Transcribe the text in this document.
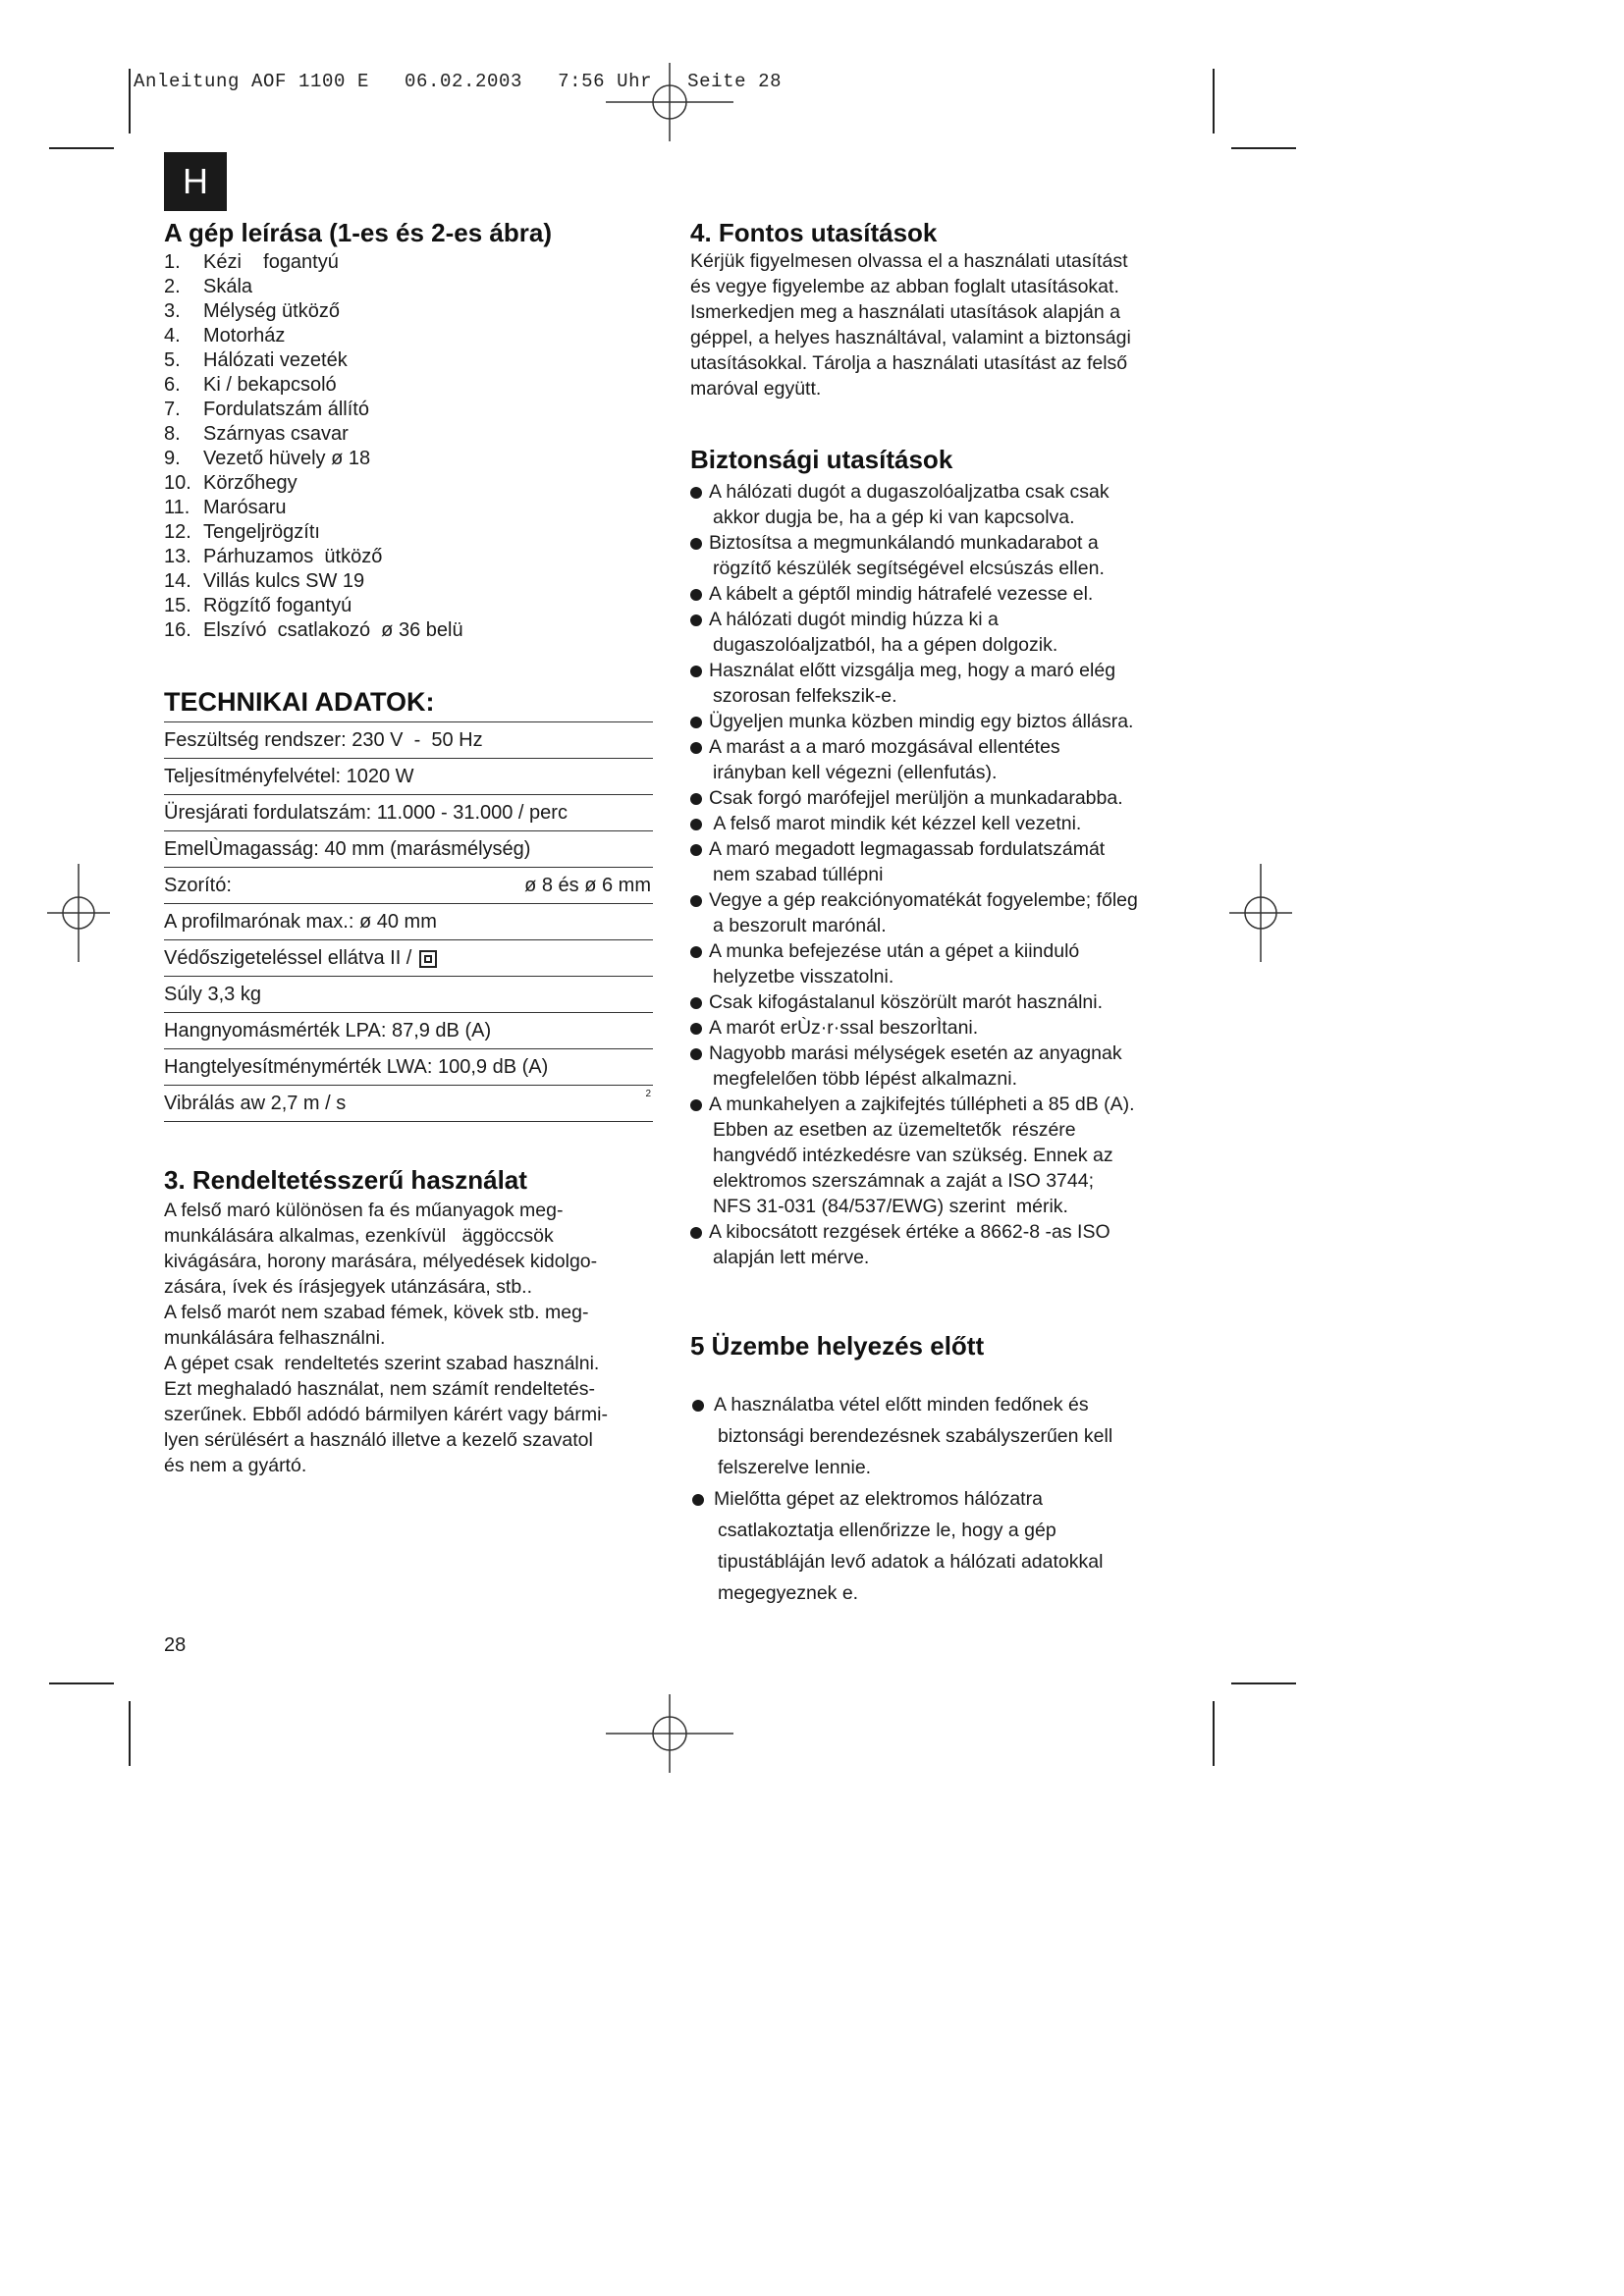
Anleitung AOF 1100 E   06.02.2003   7:56 Uhr   Seite 28
H
A gép leírása (1-es és 2-es ábra)
1.	Kézi    fogantyú
2.	Skála
3.	Mélység ütköző
4.	Motorház
5.	Hálózati vezeték
6.	Ki / bekapcsoló
7.	Fordulatszám állító
8.	Szárnyas csavar
9.	Vezető hüvely ø 18
10. Körzőhegy
11. Marósaru
12. Tengeljrögzítı
13. Párhuzamos  ütköző
14. Villás kulcs SW 19
15. Rögzítő fogantyú
16. Elszívó  csatlakozó  ø 36 belü
TECHNIKAI ADATOK:
Feszültség rendszer: 230 V  -  50 Hz
Teljesítményfelvétel: 1020 W
Üresjárati fordulatszám: 11.000 - 31.000 / perc
EmelÙmagasság: 40 mm (marásmélység)
Szorító:	ø 8 és ø 6 mm
A profilmarónak max.: ø 40 mm
Védőszigeteléssel ellátva II /
Súly 3,3 kg
Hangnyomásmérték LPA: 87,9 dB (A)
Hangtelyesítménymérték LWA: 100,9 dB (A)
Vibrálás aw 2,7 m / s	2
3. Rendeltetésszerű használat
A felső maró különösen fa és műanyagok meg-
munkálására alkalmas, ezenkívül   äggöccsök
kivágására, horony marására, mélyedések kidolgo-
zására, ívek és írásjegyek utánzására, stb..
A felső marót nem szabad fémek, kövek stb. meg-
munkálására felhasználni.
A gépet csak  rendeltetés szerint szabad használni.
Ezt meghaladó használat, nem számít rendeltetés-
szerűnek. Ebből adódó bármilyen kárért vagy bármi-
lyen sérülésért a használó illetve a kezelő szavatol
és nem a gyártó.
28
4. Fontos utasítások
Kérjük figyelmesen olvassa el a használati utasítást
és vegye figyelembe az abban foglalt utasításokat.
Ismerkedjen meg a használati utasítások alapján a
géppel, a helyes használtával, valamint a biztonsági
utasításokkal. Tárolja a használati utasítást az felső
maróval együtt.
Biztonsági utasítások
A hálózati dugót a dugaszolóaljzatba csak csak
akkor dugja be, ha a gép ki van kapcsolva.
Biztosítsa a megmunkálandó munkadarabot a
rögzítő készülék segítségével elcsúszás ellen.
A kábelt a géptől mindig hátrafelé vezesse el.
A hálózati dugót mindig húzza ki a
dugaszolóaljzatból, ha a gépen dolgozik.
Használat előtt vizsgálja meg, hogy a maró elég
szorosan felfekszik-e.
Ügyeljen munka közben mindig egy biztos állásra.
A marást a a maró mozgásával ellentétes
irányban kell végezni (ellenfutás).
Csak forgó marófejjel merüljön a munkadarabba.
A felső marot mindik két kézzel kell vezetni.
A maró megadott legmagassab fordulatszámát
nem szabad túllépni
Vegye a gép reakciónyomatékát fogyelembe; főleg
a beszorult marónál.
A munka befejezése után a gépet a kiinduló
helyzetbe visszatolni.
Csak kifogástalanul köszörült marót használni.
A marót erÙz·r·ssal beszorÌtani.
Nagyobb marási mélységek esetén az anyagnak
megfelelően több lépést alkalmazni.
A munkahelyen a zajkifejtés túllépheti a 85 dB (A).
Ebben az esetben az üzemeltetők  részére
hangvédő intézkedésre van szükség. Ennek az
elektromos szerszámnak a zaját a ISO 3744;
NFS 31-031 (84/537/EWG) szerint  mérik.
A kibocsátott rezgések értéke a 8662-8 -as ISO
alapján lett mérve.
5 Üzembe helyezés előtt
A használatba vétel előtt minden fedőnek és
biztonsági berendezésnek szabályszerűen kell
felszerelve lennie.
Mielőtta gépet az elektromos hálózatra
csatlakoztatja ellenőrizze le, hogy a gép
tipustábláján levő adatok a hálózati adatokkal
megegyeznek e.
